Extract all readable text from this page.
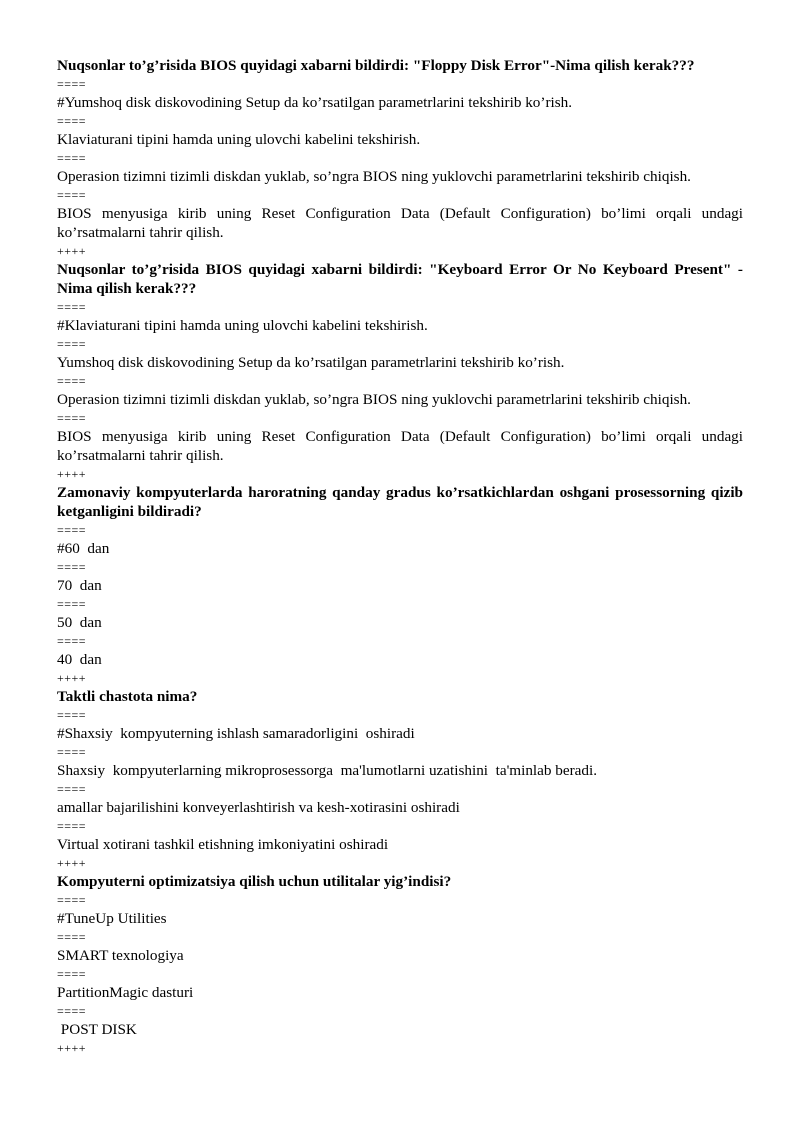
Nuqsonlar to’g’risida BIOS quyidagi xabarni bildirdi: "Floppy Disk Error"-Nima qilish kerak???
====
#Yumshoq disk diskovodining Setup da ko’rsatilgan parametrlarini tekshirib ko’rish.
====
Klaviaturani tipini hamda uning ulovchi kabelini tekshirish.
====
Operasion tizimni tizimli diskdan yuklab, so’ngra BIOS ning yuklovchi parametrlarini tekshirib chiqish.
====
BIOS menyusiga kirib uning Reset Configuration Data (Default Configuration) bo’limi orqali undagi ko’rsatmalarni tahrir qilish.
++++
Nuqsonlar to’g’risida BIOS quyidagi xabarni bildirdi: "Keyboard Error Or No Keyboard Present" -Nima qilish kerak???
====
#Klaviaturani tipini hamda uning ulovchi kabelini tekshirish.
====
Yumshoq disk diskovodining Setup da ko’rsatilgan parametrlarini tekshirib ko’rish.
====
Operasion tizimni tizimli diskdan yuklab, so’ngra BIOS ning yuklovchi parametrlarini tekshirib chiqish.
====
BIOS menyusiga kirib uning Reset Configuration Data (Default Configuration) bo’limi orqali undagi ko’rsatmalarni tahrir qilish.
++++
Zamonaviy kompyuterlarda haroratning qanday gradus ko’rsatkichlardan oshgani prosessorning qizib ketganligini bildiradi?
====
#60  dan
====
70  dan
====
50  dan
====
40  dan
++++
Taktli chastota nima?
====
#Shaxsiy  kompyuterning ishlash samaradorligini  oshiradi
====
Shaxsiy  kompyuterlarning mikroprosessorga  ma'lumotlarni uzatishini  ta'minlab beradi.
====
amallar bajarilishini konveyerlashtirish va kesh-xotirasini oshiradi
====
Virtual xotirani tashkil etishning imkoniyatini oshiradi
++++
Kompyuterni optimizatsiya qilish uchun utilitalar yig’indisi?
====
#TuneUp Utilities
====
SMART texnologiya
====
PartitionMagic dasturi
====
POST DISK
++++
